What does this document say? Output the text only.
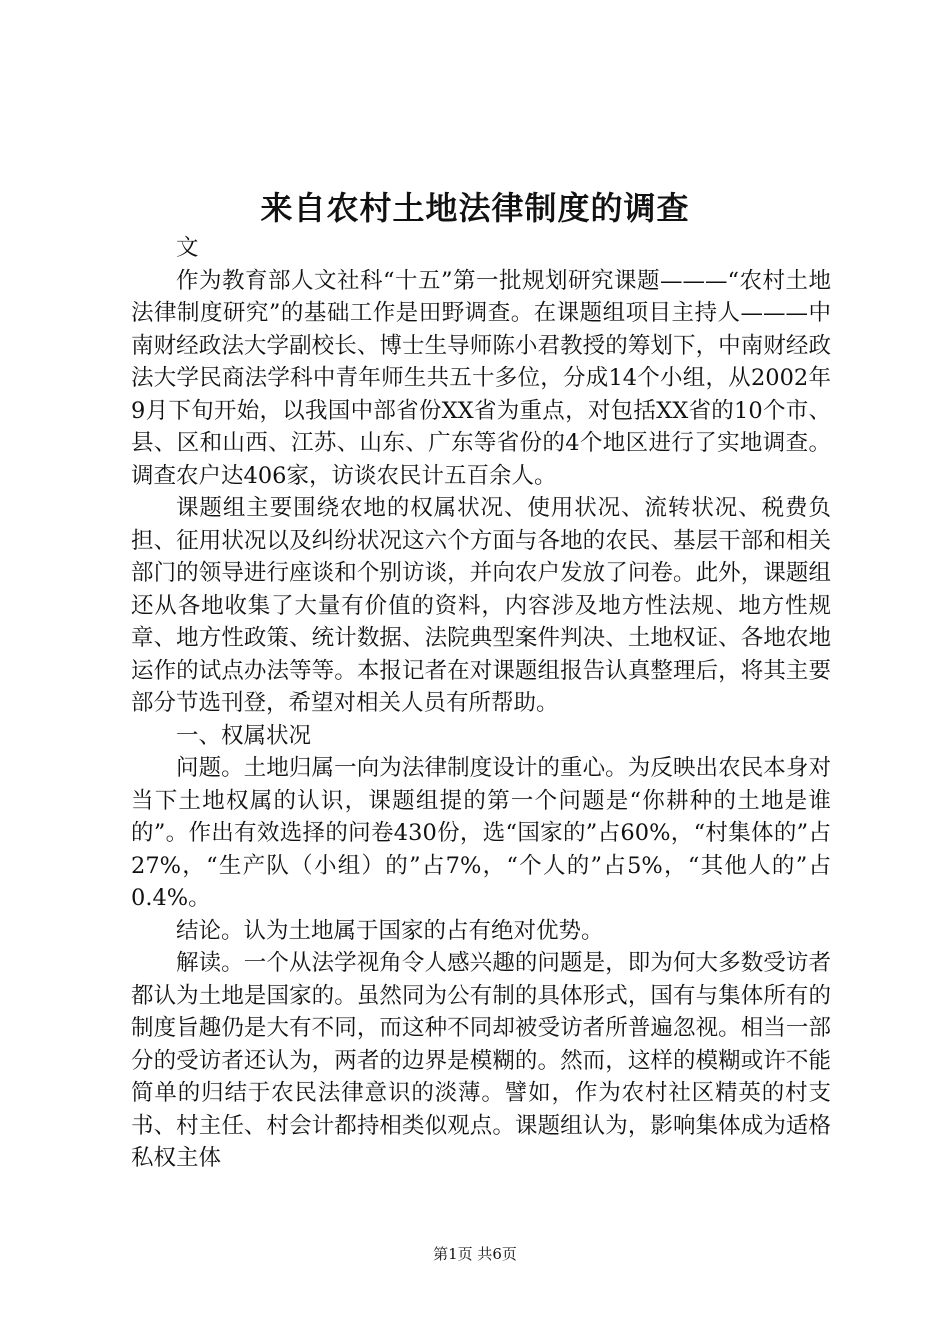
来自农村土地法律制度的调查

文

作为教育部人文社科“十五”第一批规划研究课题———“农村土地法律制度研究”的基础工作是田野调查。在课题组项目主持人———中南财经政法大学副校长、博士生导师陈小君教授的筹划下，中南财经政法大学民商法学科中青年师生共五十多位，分成14个小组，从2002年9月下旬开始，以我国中部省份XX省为重点，对包括XX省的10个市、县、区和山西、江苏、山东、广东等省份的4个地区进行了实地调查。调查农户达406家，访谈农民计五百余人。

课题组主要围绕农地的权属状况、使用状况、流转状况、税费负担、征用状况以及纠纷状况这六个方面与各地的农民、基层干部和相关部门的领导进行座谈和个别访谈，并向农户发放了问卷。此外，课题组还从各地收集了大量有价值的资料，内容涉及地方性法规、地方性规章、地方性政策、统计数据、法院典型案件判决、土地权证、各地农地运作的试点办法等等。本报记者在对课题组报告认真整理后，将其主要部分节选刊登，希望对相关人员有所帮助。

一、权属状况

问题。土地归属一向为法律制度设计的重心。为反映出农民本身对当下土地权属的认识，课题组提的第一个问题是“你耕种的土地是谁的”。作出有效选择的问卷430份，选“国家的”占60%，“村集体的”占27%，“生产队（小组）的”占7%，“个人的”占5%，“其他人的”占0.4%。

结论。认为土地属于国家的占有绝对优势。

解读。一个从法学视角令人感兴趣的问题是，即为何大多数受访者都认为土地是国家的。虽然同为公有制的具体形式，国有与集体所有的制度旨趣仍是大有不同，而这种不同却被受访者所普遍忽视。相当一部分的受访者还认为，两者的边界是模糊的。然而，这样的模糊或许不能简单的归结于农民法律意识的淡薄。譬如，作为农村社区精英的村支书、村主任、村会计都持相类似观点。课题组认为，影响集体成为适格私权主体

第1页 共6页
